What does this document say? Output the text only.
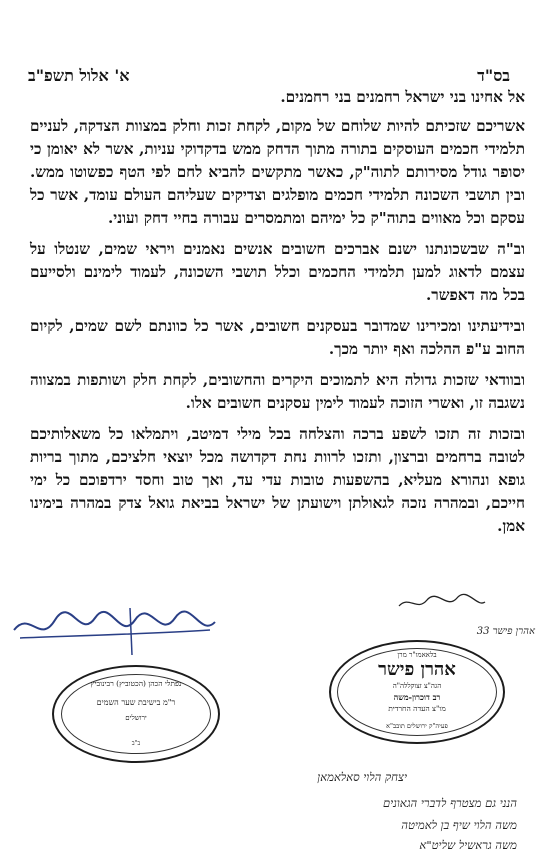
בס"ד
א' אלול תשפ"ב

אל אחינו בני ישראל רחמנים בני רחמנים.

אשריכם שזכיתם להיות שלוחם של מקום, לקחת זכות וחלק במצוות הצדקה, לעניים תלמידי חכמים העוסקים בתורה מתוך הדחק ממש בדקדוקי עניות, אשר לא יאומן כי יסופר גודל מסירותם לתוה"ק, כאשר מתקשים להביא לחם לפי הטף כפשוטו ממש. ובין תושבי השכונה תלמידי חכמים מופלגים וצדיקים שעליהם העולם עומד, אשר כל עסקם וכל מאווים בתוה"ק כל ימיהם ומתמסרים עבורה בחיי דחק ועוני.

וב"ה שבשכונתנו ישנם אברכים חשובים אנשים נאמנים ויראי שמים, שנטלו על עצמם לדאוג למען תלמידי החכמים וכלל תושבי השכונה, לעמוד לימינם ולסייעם בכל מה דאפשר.

ובידיעתינו ומכירינו שמדובר בעסקנים חשובים, אשר כל כוונתם לשם שמים, לקיום החוב ע"פ ההלכה ואף יותר מכך.

ובוודאי שזכות גדולה היא לתמוכים היקרים והחשובים, לקחת חלק ושותפות במצווה נשגבה זו, ואשרי הזוכה לעמוד לימין עסקנים חשובים אלו.

ובזכות זה תזכו לשפע ברכה והצלחה בכל מילי דמיטב, ויתמלאו כל משאלותיכם לטובה ברחמים וברצון, ותזכו לרוות נחת דקדושה מכל יוצאי חלציכם, מתוך בריות גופא ונהורא מעליא, בהשפעות טובות עדי עד, ואך טוב וחסד ירדפוכם כל ימי חייכם, ובמהרה נזכה לגאולתן וישועתן של ישראל בביאת גואל צדק במהרה בימינו אמן.

נפתלי הכהן (הכטוביץ) רבינוביץ
ר"מ בישיבת שער השמים
ירושלים
ב"ב
בלאאמו"ר מרן
אהרן פישר
הגה"צ זצוקללה"ה
רב דוכרון-משה
מו"צ העדה החרדית
פעיה"ק ירושלים תובב"א
אהרן פישר 33
יצחק הלוי סאלאמאן
הנני גם מצטרף לדברי הגאונים
משה הלוי שיף בן לאמיטה
משה גראשיל שליט"א
